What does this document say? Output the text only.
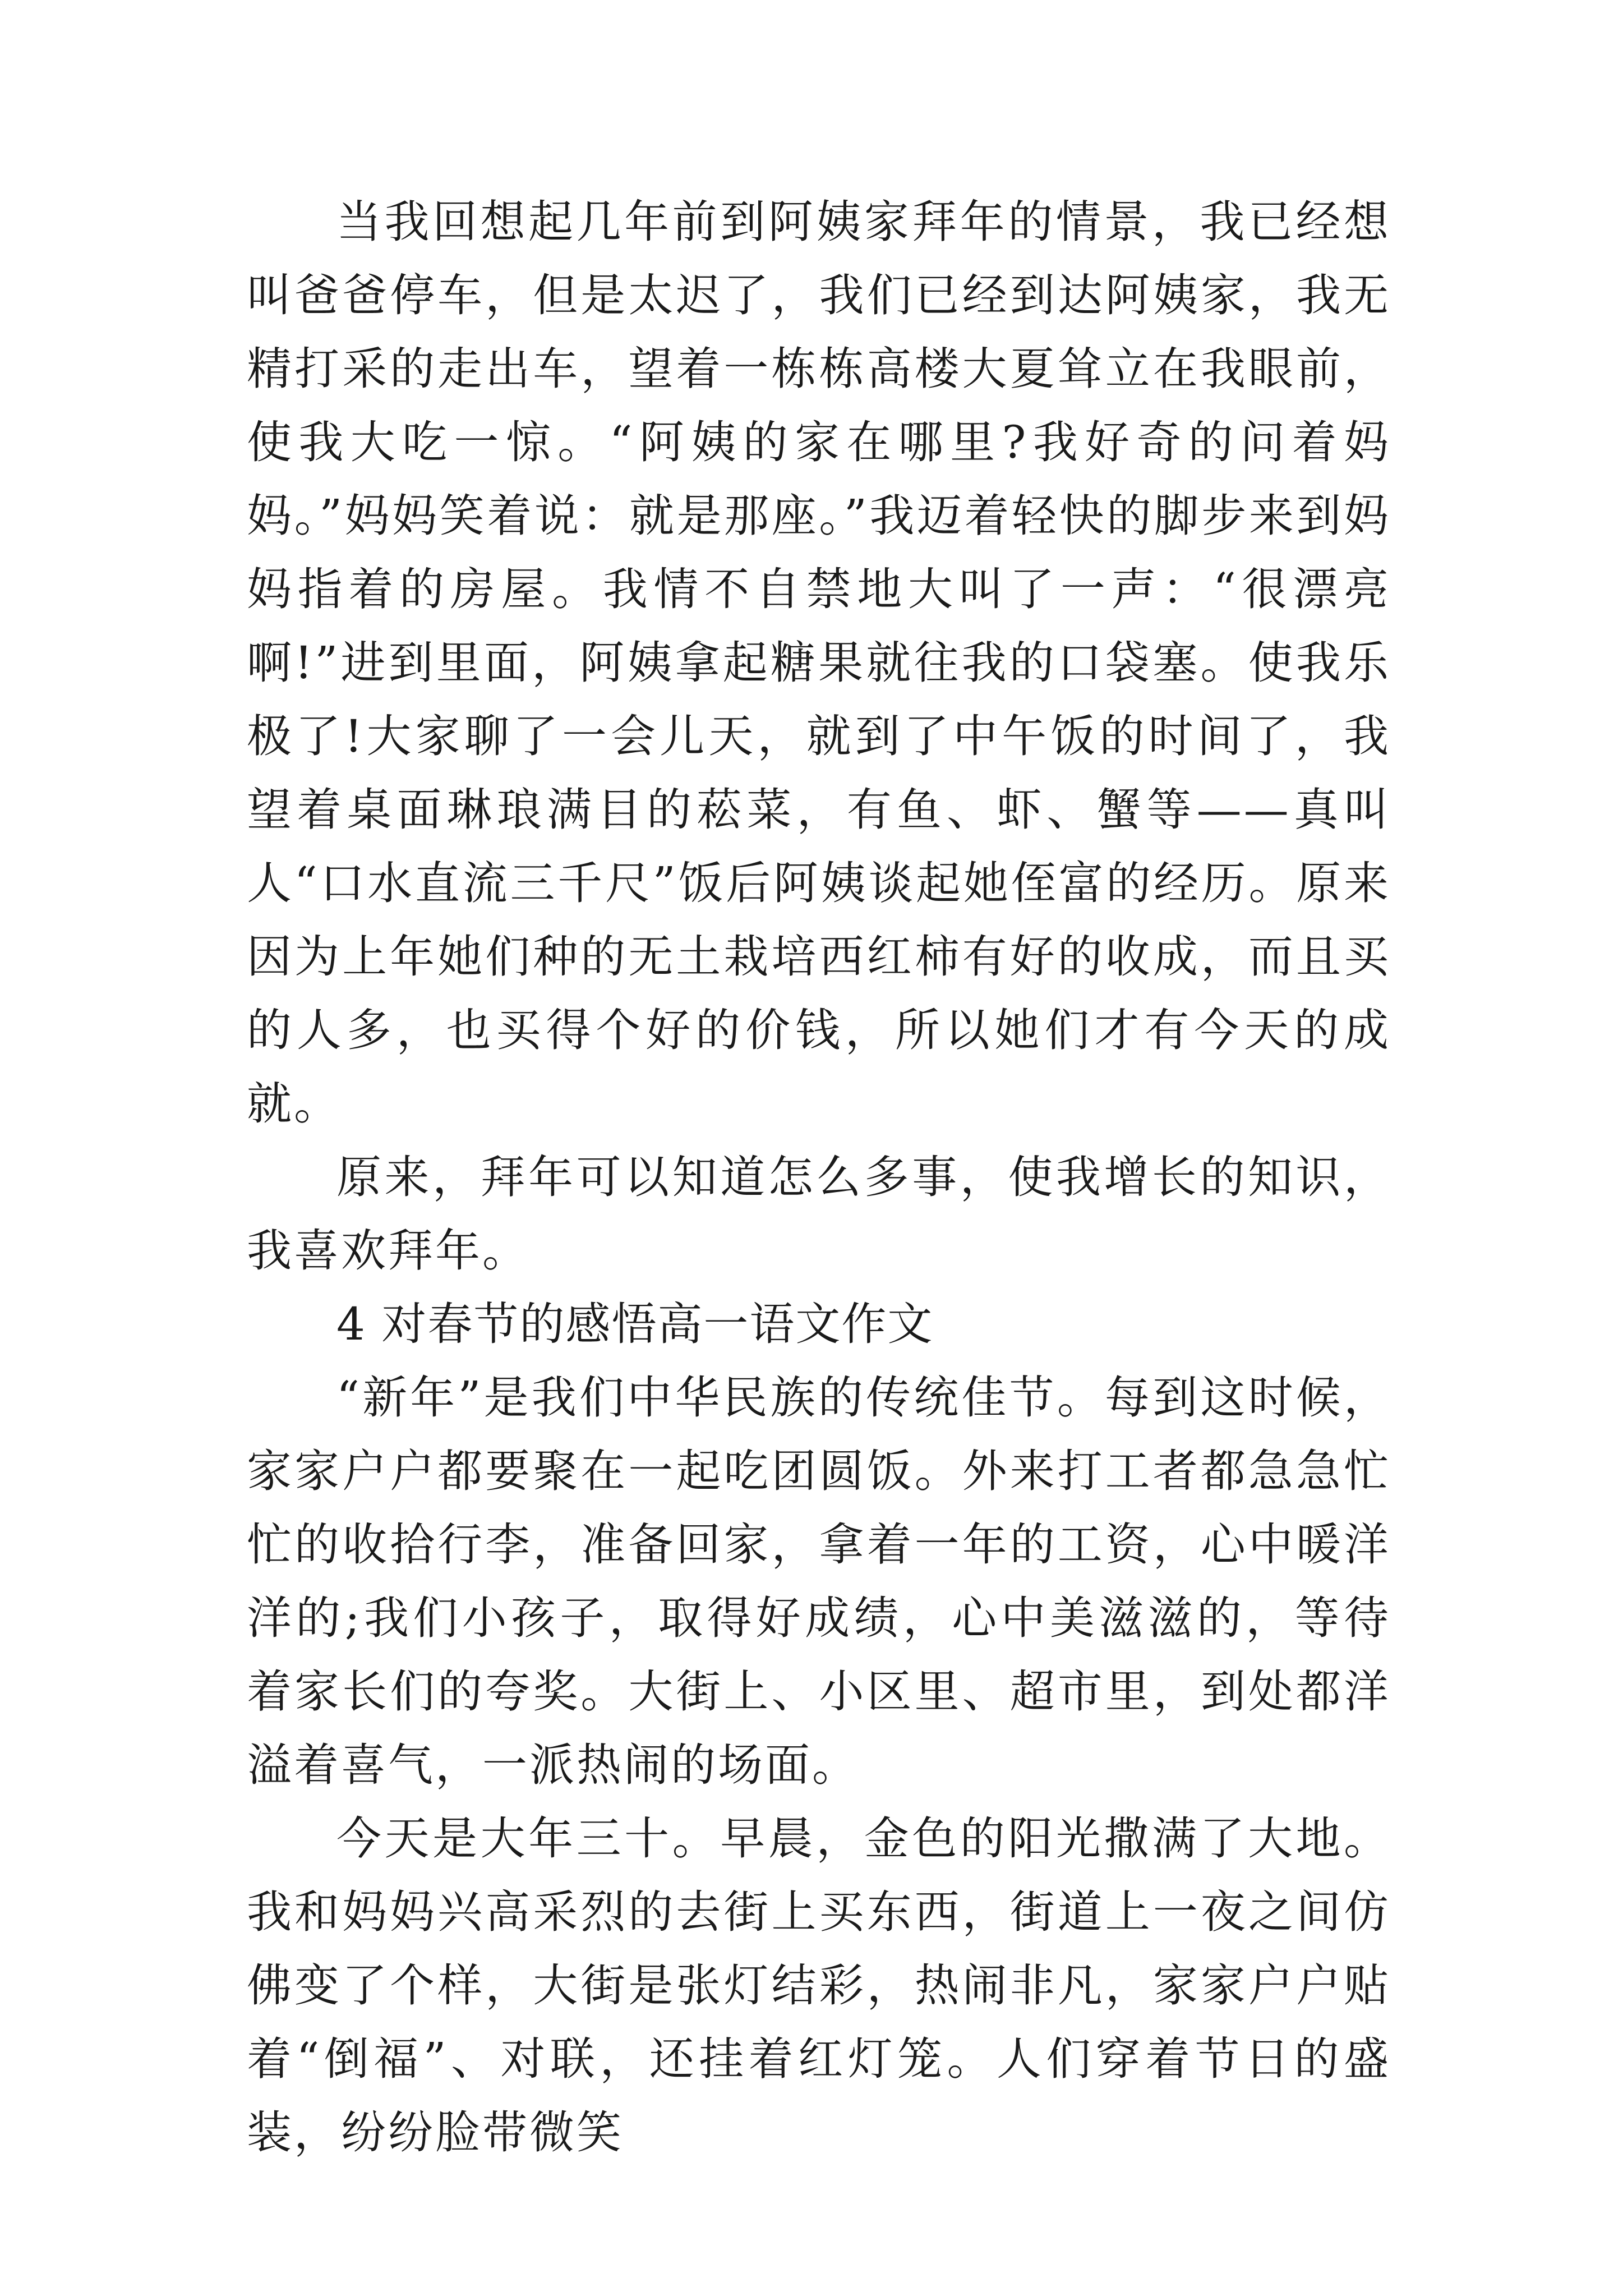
当我回想起几年前到阿姨家拜年的情景，我已经想叫爸爸停车，但是太迟了，我们已经到达阿姨家，我无精打采的走出车，望着一栋栋高楼大夏耸立在我眼前，使我大吃一惊。“阿姨的家在哪里?我好奇的问着妈妈。”妈妈笑着说：就是那座。”我迈着轻快的脚步来到妈妈指着的房屋。我情不自禁地大叫了一声：“很漂亮啊!”进到里面，阿姨拿起糖果就往我的口袋塞。使我乐极了!大家聊了一会儿天，就到了中午饭的时间了，我望着桌面琳琅满目的菘菜，有鱼、虾、蟹等——真叫人“口水直流三千尺”饭后阿姨谈起她侄富的经历。原来因为上年她们种的无土栽培西红柿有好的收成，而且买的人多，也买得个好的价钱，所以她们才有今天的成就。

原来，拜年可以知道怎么多事，使我增长的知识，我喜欢拜年。

4 对春节的感悟高一语文作文

“新年”是我们中华民族的传统佳节。每到这时候，家家户户都要聚在一起吃团圆饭。外来打工者都急急忙忙的收拾行李，准备回家，拿着一年的工资，心中暖洋洋的;我们小孩子，取得好成绩，心中美滋滋的，等待着家长们的夸奖。大街上、小区里、超市里，到处都洋溢着喜气，一派热闹的场面。

今天是大年三十。早晨，金色的阳光撒满了大地。我和妈妈兴高采烈的去街上买东西，街道上一夜之间仿佛变了个样，大街是张灯结彩，热闹非凡，家家户户贴着“倒福”、对联，还挂着红灯笼。人们穿着节日的盛装，纷纷脸带微笑
